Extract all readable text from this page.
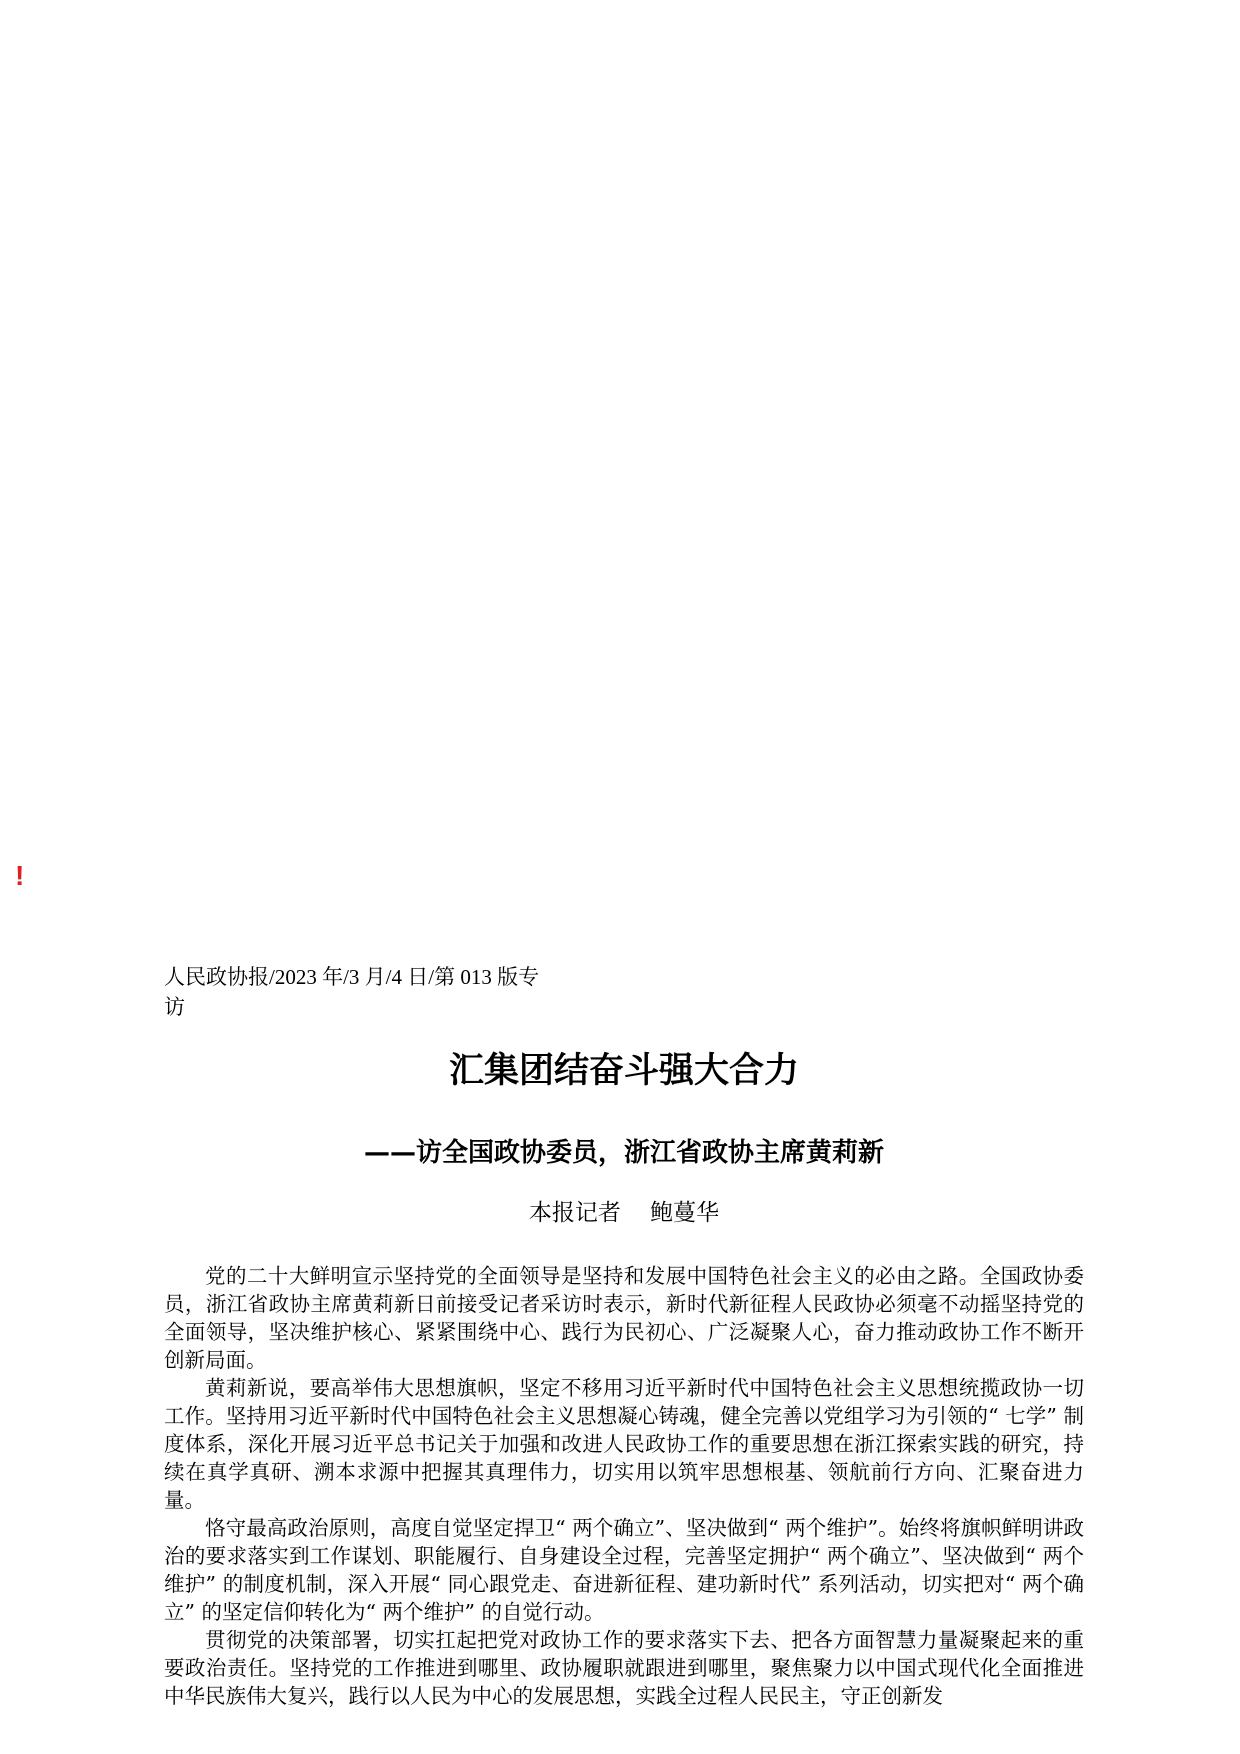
!
人民政协报/2023 年/3 月/4 日/第 013 版专访
汇集团结奋斗强大合力
——访全国政协委员，浙江省政协主席黄莉新
本报记者    鲍蔓华

党的二十大鲜明宣示坚持党的全面领导是坚持和发展中国特色社会主义的必由之路。全国政协委员，浙江省政协主席黄莉新日前接受记者采访时表示，新时代新征程人民政协必须毫不动摇坚持党的全面领导，坚决维护核心、紧紧围绕中心、践行为民初心、广泛凝聚人心，奋力推动政协工作不断开创新局面。

黄莉新说，要高举伟大思想旗帜，坚定不移用习近平新时代中国特色社会主义思想统揽政协一切工作。坚持用习近平新时代中国特色社会主义思想凝心铸魂，健全完善以党组学习为引领的“ 七学” 制度体系，深化开展习近平总书记关于加强和改进人民政协工作的重要思想在浙江探索实践的研究，持续在真学真研、溯本求源中把握其真理伟力，切实用以筑牢思想根基、领航前行方向、汇聚奋进力量。

恪守最高政治原则，高度自觉坚定捍卫“ 两个确立”、坚决做到“ 两个维护”。始终将旗帜鲜明讲政治的要求落实到工作谋划、职能履行、自身建设全过程，完善坚定拥护“ 两个确立”、坚决做到“ 两个维护” 的制度机制，深入开展“ 同心跟党走、奋进新征程、建功新时代” 系列活动，切实把对“ 两个确立” 的坚定信仰转化为“ 两个维护” 的自觉行动。

贯彻党的决策部署，切实扛起把党对政协工作的要求落实下去、把各方面智慧力量凝聚起来的重要政治责任。坚持党的工作推进到哪里、政协履职就跟进到哪里，聚焦聚力以中国式现代化全面推进中华民族伟大复兴，践行以人民为中心的发展思想，实践全过程人民民主，守正创新发
